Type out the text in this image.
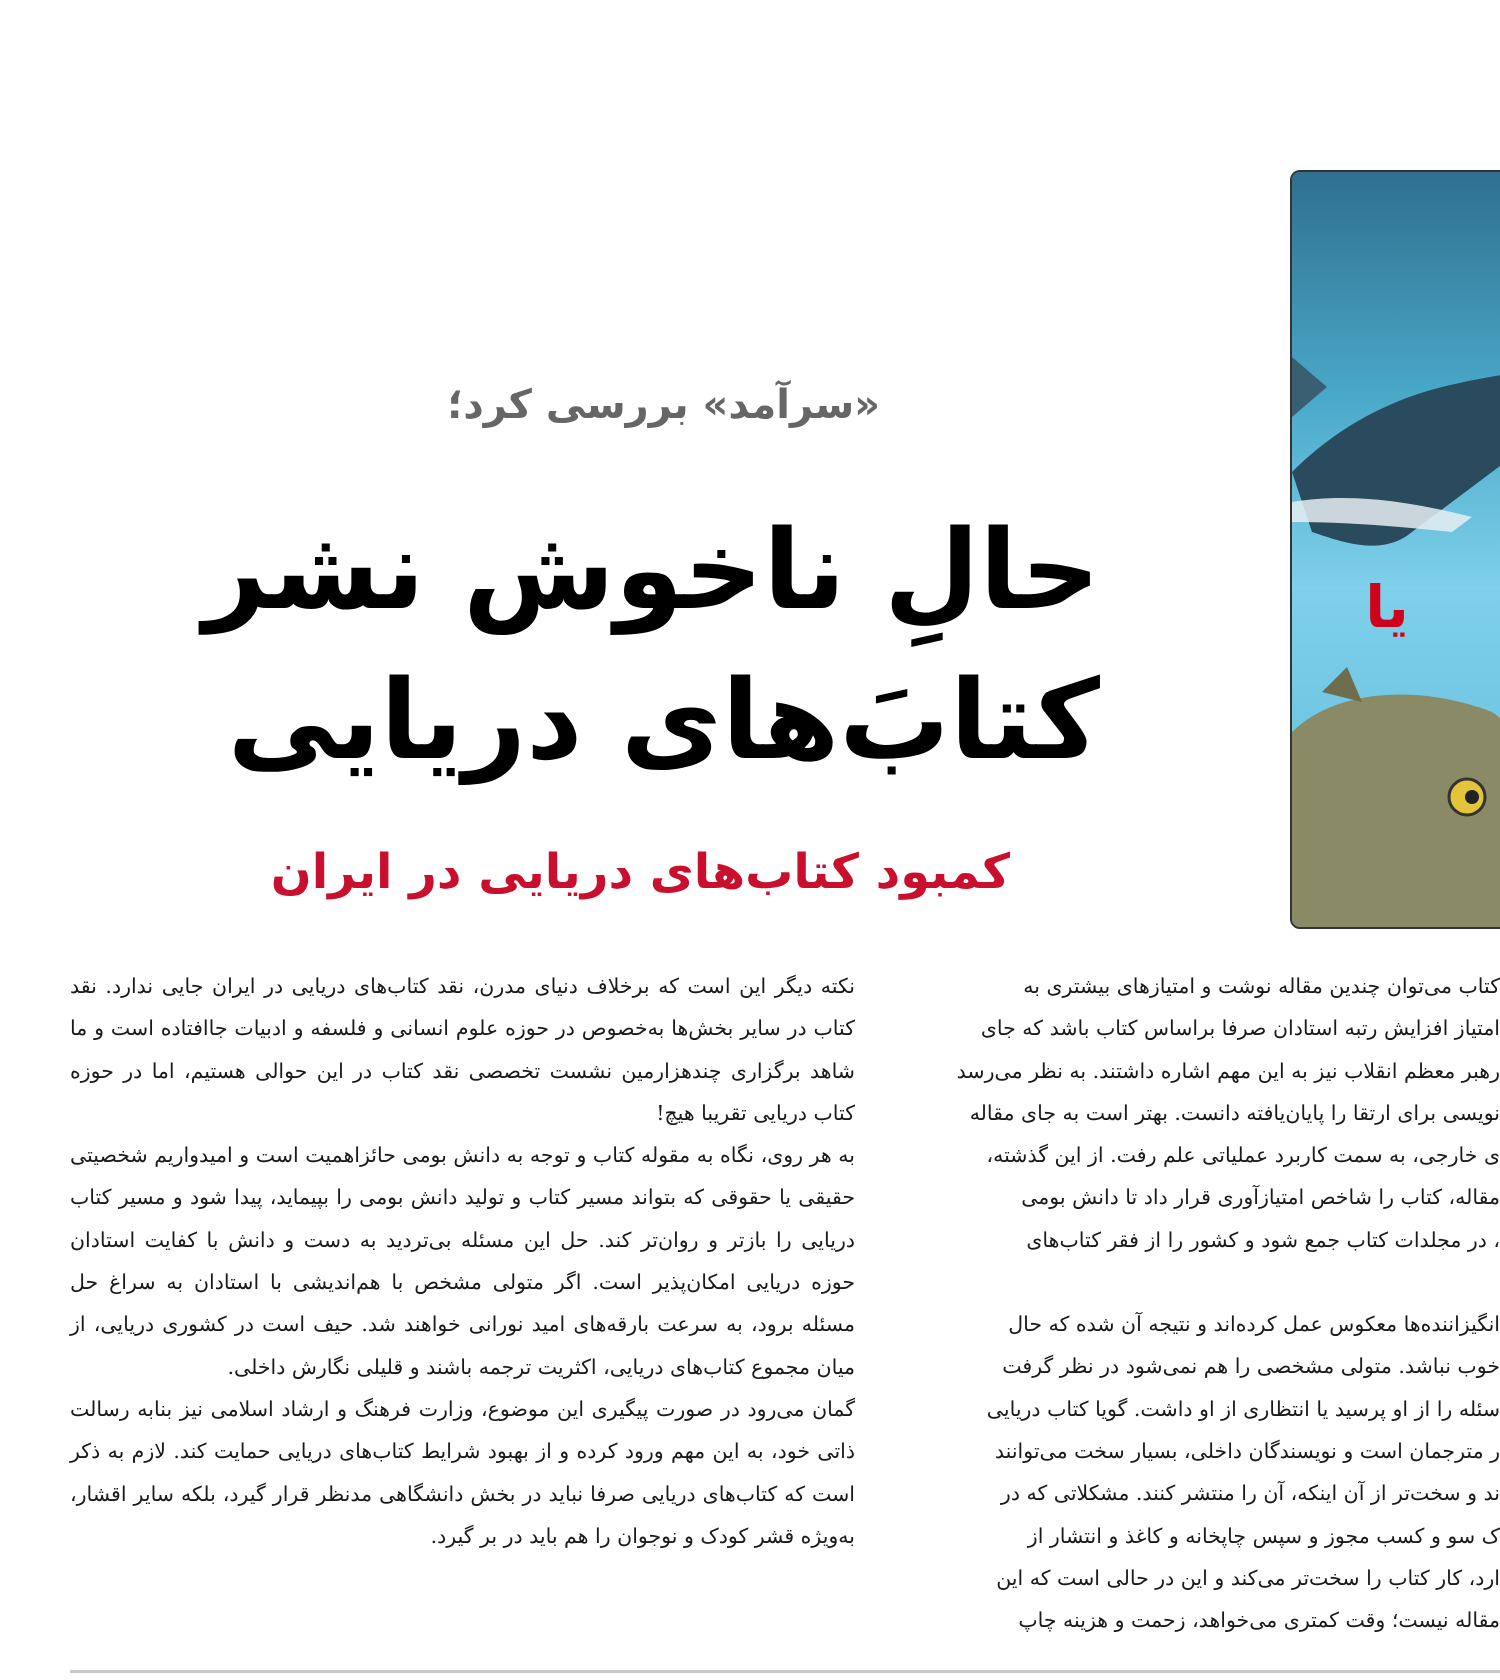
«سرآمد» بررسی کرد؛
حالِ ناخوش نشر
کتابَ‌های دریایی
کمبود کتاب‌های دریایی در ایران
یا

نکته دیگر این است که برخلاف دنیای مدرن، نقد کتاب‌های دریایی در ایران جایی ندارد. نقد کتاب در سایر بخش‌ها به‌خصوص در حوزه علوم انسانی و فلسفه و ادبیات جاافتاده است و ما شاهد برگزاری چندهزارمین نشست تخصصی نقد کتاب در این حوالی هستیم، اما در حوزه کتاب دریایی تقریبا هیچ!

به هر روی، نگاه به مقوله کتاب و توجه به دانش بومی حائزاهمیت است و امیدواریم شخصیتی حقیقی یا حقوقی که بتواند مسیر کتاب و تولید دانش بومی را بپیماید، پیدا شود و مسیر کتاب دریایی را بازتر و روان‌تر کند. حل این مسئله بی‌تردید به دست و دانش با کفایت استادان حوزه دریایی امکان‌پذیر است. اگر متولی مشخص با هم‌اندیشی با استادان به سراغ حل مسئله برود، به سرعت بارقه‌های امید نورانی خواهند شد. حیف است در کشوری دریایی، از میان مجموع کتاب‌های دریایی، اکثریت ترجمه باشند و قلیلی نگارش داخلی.

گمان می‌رود در صورت پیگیری این موضوع، وزارت فرهنگ و ارشاد اسلامی نیز بنابه رسالت ذاتی خود، به این مهم ورود کرده و از بهبود شرایط کتاب‌های دریایی حمایت کند. لازم به ذکر است که کتاب‌های دریایی صرفا نباید در بخش دانشگاهی مدنظر قرار گیرد، بلکه سایر اقشار، به‌ویژه قشر کودک و نوجوان را هم باید در بر گیرد.

کتاب می‌توان چندین مقاله نوشت و امتیازهای بیشتری به

امتیاز افزایش رتبه استادان صرفا براساس کتاب باشد که جای

رهبر معظم انقلاب نیز به این مهم اشاره داشتند. به نظر می‌رسد

نویسی برای ارتقا را پایان‌یافته دانست. بهتر است به جای مقاله

ی خارجی، به سمت کاربرد عملیاتی علم رفت. از این گذشته،

مقاله، کتاب را شاخص امتیازآوری قرار داد تا دانش بومی

، در مجلدات کتاب جمع شود و کشور را از فقر کتاب‌های

انگیزاننده‌ها معکوس عمل کرده‌اند و نتیجه آن شده که حال

خوب نباشد. متولی مشخصی را هم نمی‌شود در نظر گرفت

سئله را از او پرسید یا انتظاری از او داشت. گویا کتاب دریایی

ر مترجمان است و نویسندگان داخلی، بسیار سخت می‌توانند

ند و سخت‌تر از آن اینکه، آن را منتشر کنند. مشکلاتی که در

ک سو و کسب مجوز و سپس چاپخانه و کاغذ و انتشار از

ارد، کار کتاب را سخت‌تر می‌کند و این در حالی است که این

مقاله نیست؛ وقت کمتری می‌خواهد، زحمت و هزینه چاپ
